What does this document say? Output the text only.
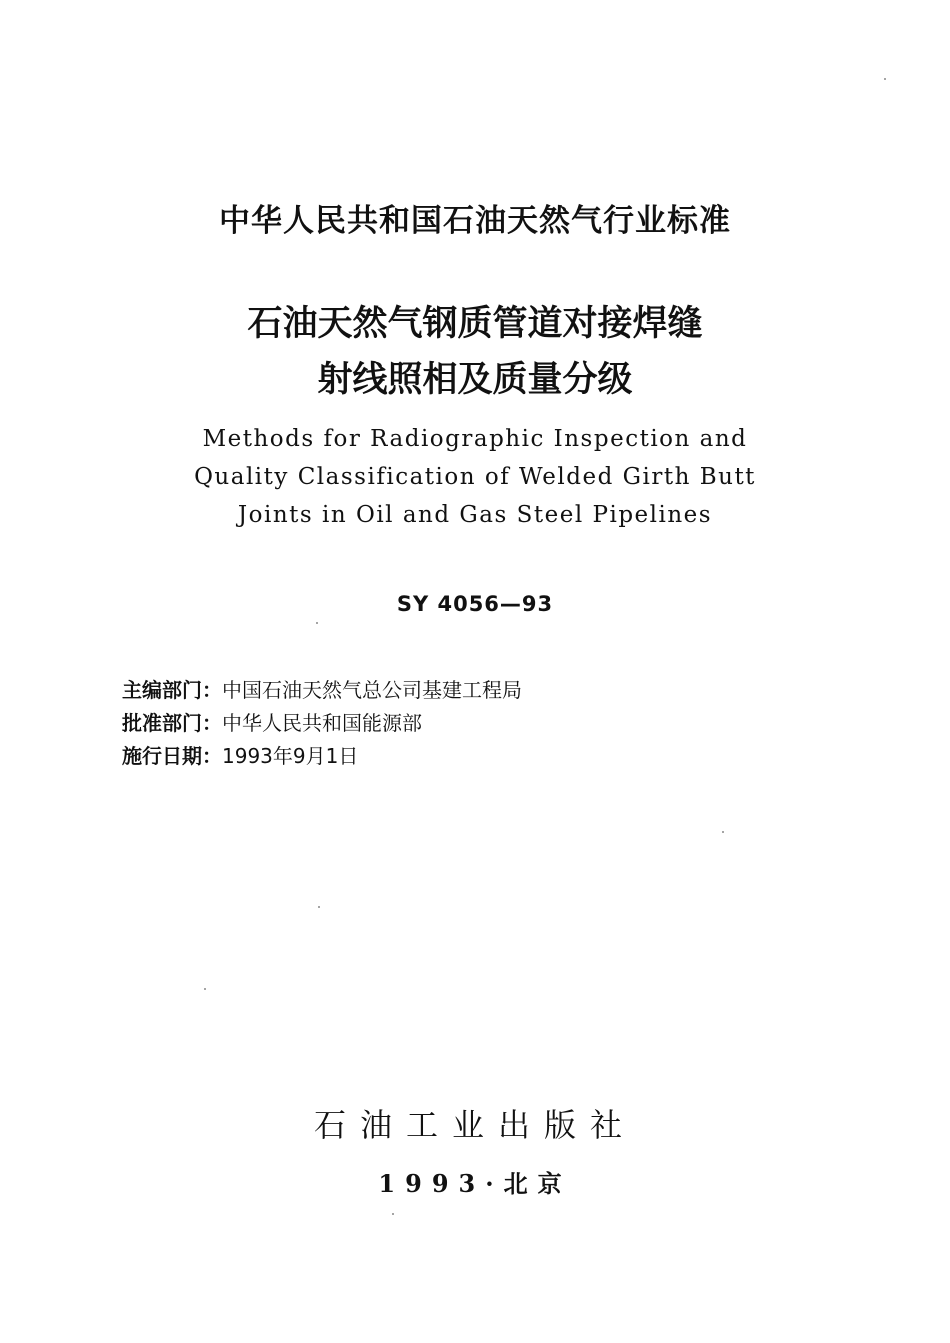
中华人民共和国石油天然气行业标准
石油天然气钢质管道对接焊缝
射线照相及质量分级
Methods for Radiographic Inspection and
Quality Classification of Welded Girth Butt
Joints in Oil and Gas Steel Pipelines
SY 4056—93
主编部门：中国石油天然气总公司基建工程局
批准部门：中华人民共和国能源部
施行日期：1993年9月1日
石油工业出版社
1993·北京
